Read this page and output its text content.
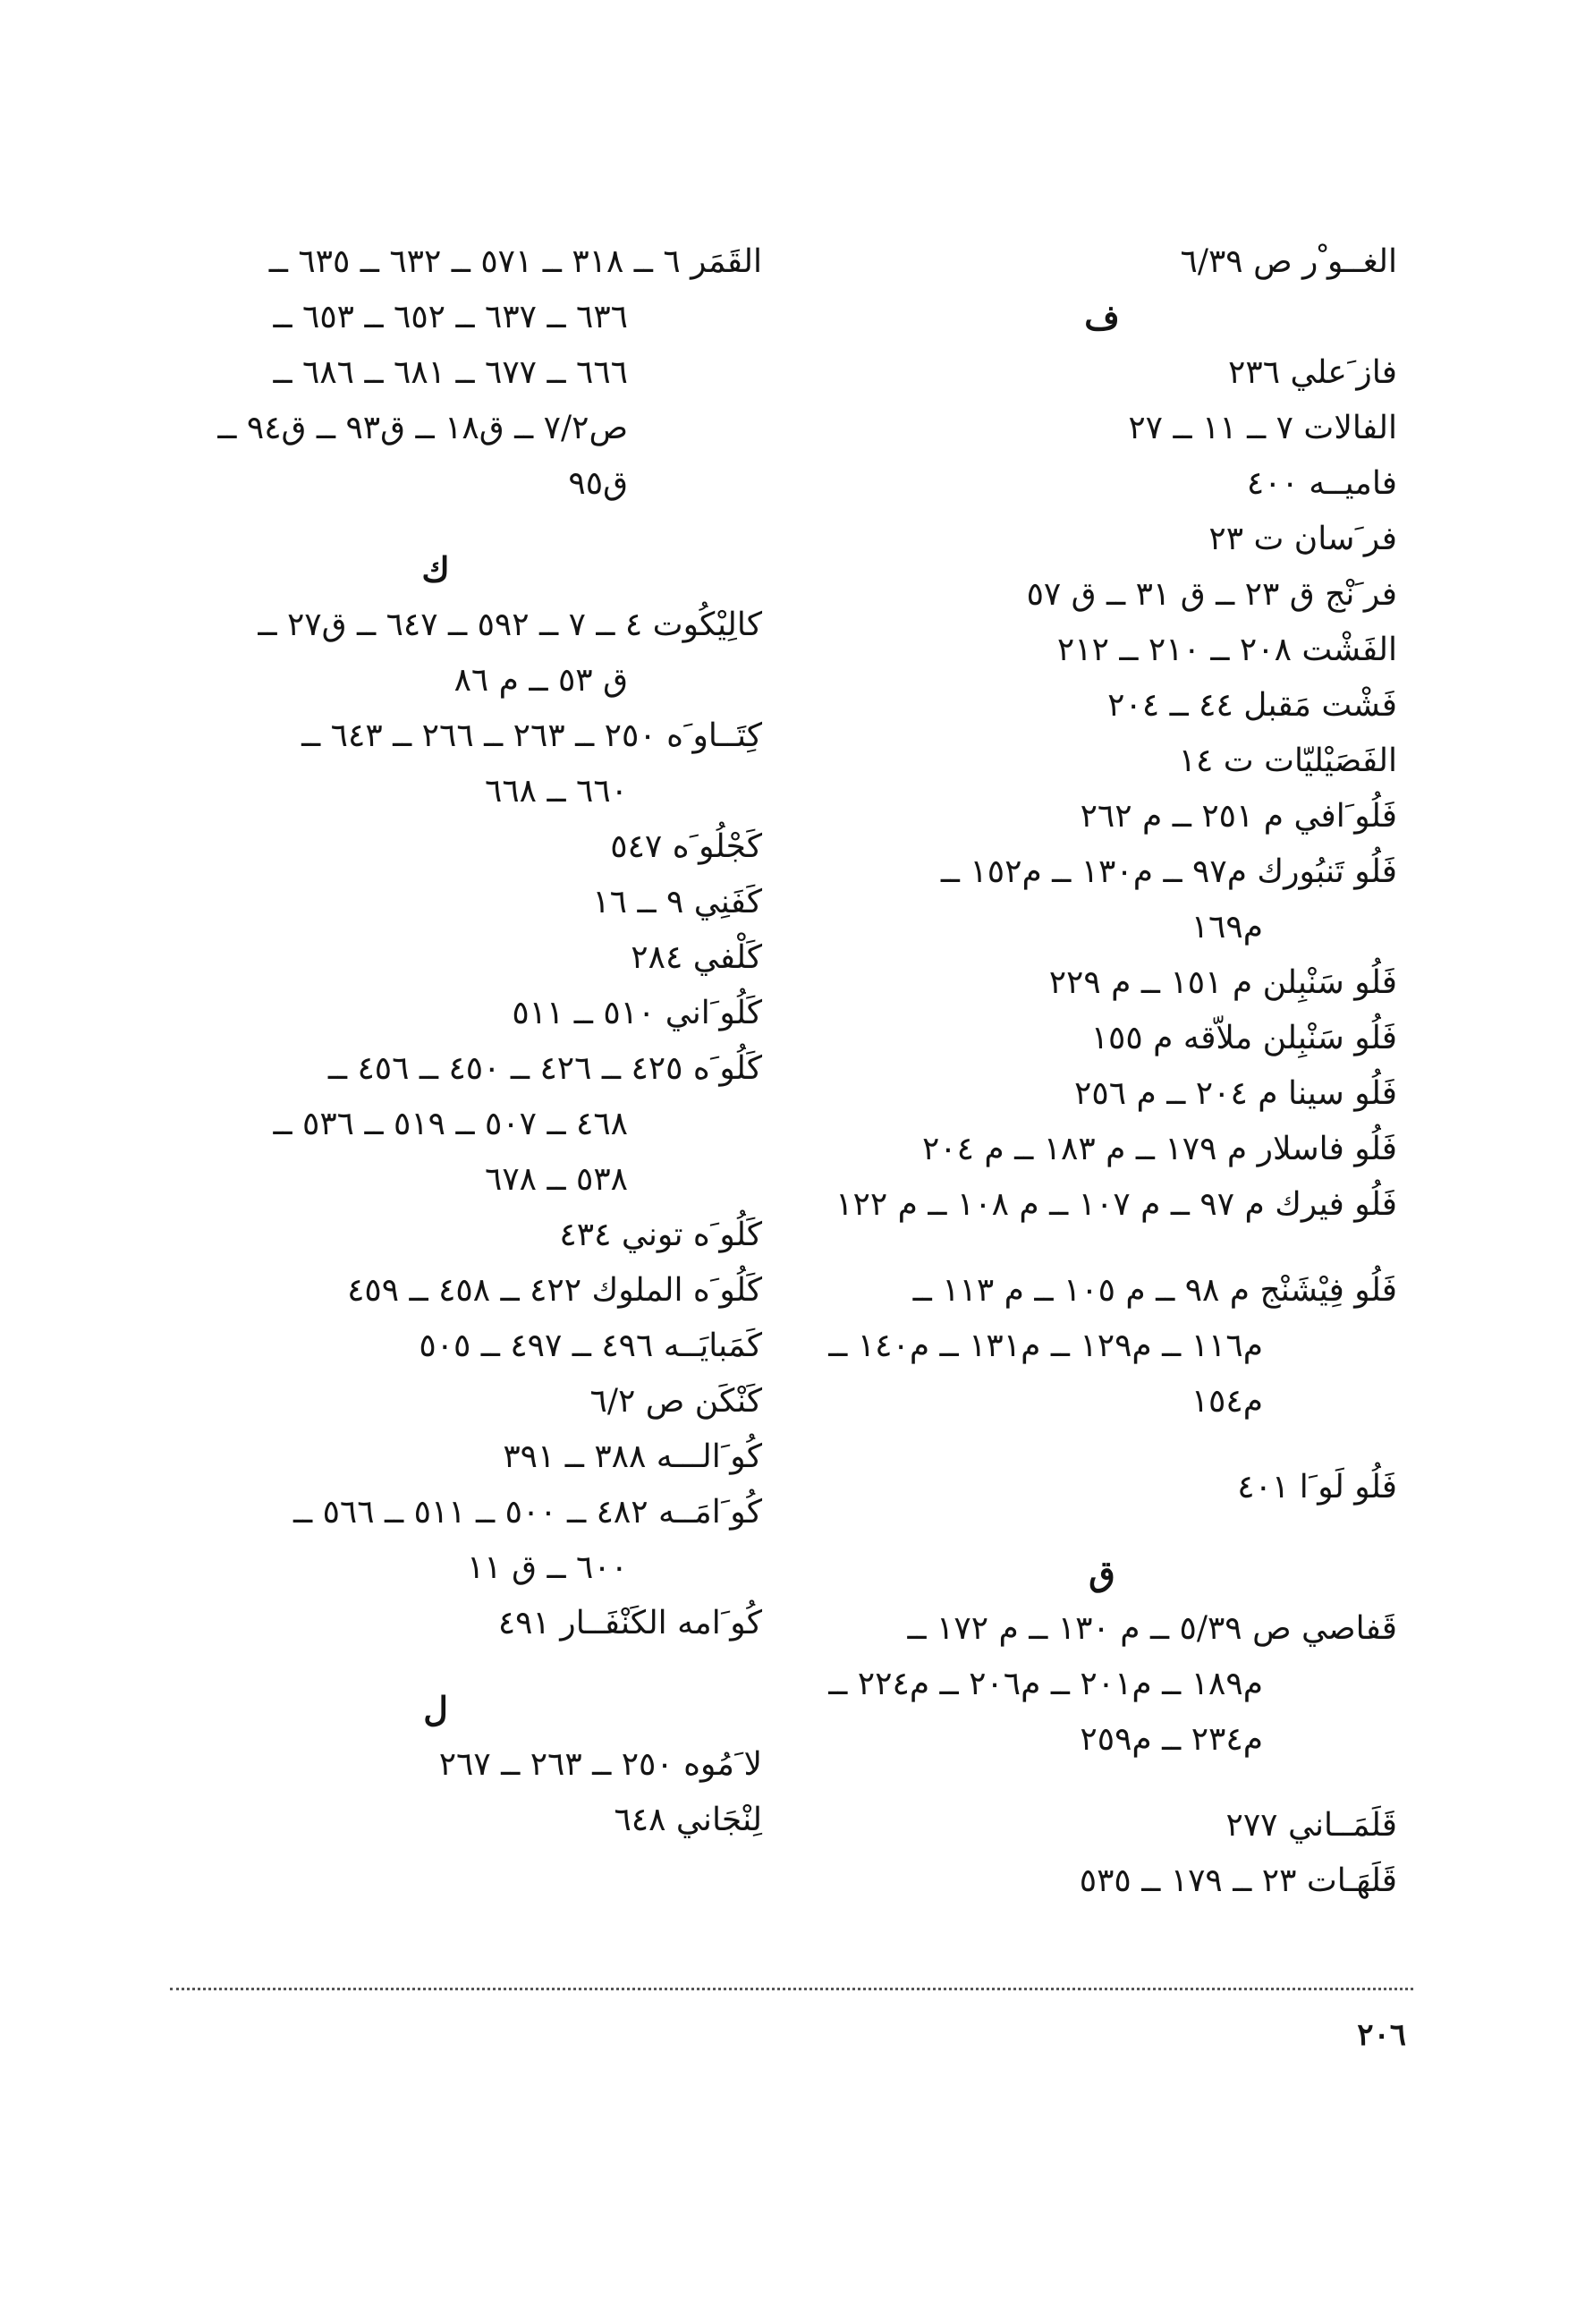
الغــو ْر ص ٦/٣٩
ف
فاز َعلي ٢٣٦
الفالات ٧ ــ ١١ ــ ٢٧
فاميــه ٤٠٠
فر َسان ت ٢٣
فر َنْج ق ٢٣ ــ ق ٣١ ــ ق ٥٧
الفَشْت ٢٠٨ ــ ٢١٠ ــ ٢١٢
فَشْت مَقبل ٤٤ ــ ٢٠٤
الفَصَيْليّات ت ١٤
فَلُو َافي م ٢٥١ ــ م ٢٦٢
فَلُو تَنبُورك م٩٧ ــ م١٣٠ ــ م١٥٢ ــ
م١٦٩
فَلُو سَنْبِلن م ١٥١ ــ م ٢٢٩
فَلُو سَنْبِلن ملاّقه م ١٥٥
فَلُو سينا م ٢٠٤ ــ م ٢٥٦
فَلُو فاسلار م ١٧٩ ــ م ١٨٣ ــ م ٢٠٤
فَلُو فيرك م ٩٧ ــ م ١٠٧ ــ م ١٠٨ ــ م ١٢٢
فَلُو فِيْشَنْج م ٩٨ ــ م ١٠٥ ــ م ١١٣ ــ
م١١٦ ــ م١٢٩ ــ م١٣١ ــ م١٤٠ ــ
م١٥٤
فَلُو لَو َا ٤٠١
ق
قَفاصي ص ٥/٣٩ ــ م ١٣٠ ــ م ١٧٢ ــ
م١٨٩ ــ م٢٠١ ــ م٢٠٦ ــ م٢٢٤ ــ
م٢٣٤ ــ م٢٥٩
قَلَمَــاني ٢٧٧
قَلَهَـات ٢٣ ــ ١٧٩ ــ ٥٣٥
القَمَر ٦ ــ ٣١٨ ــ ٥٧١ ــ ٦٣٢ ــ ٦٣٥ ــ
٦٣٦ ــ ٦٣٧ ــ ٦٥٢ ــ ٦٥٣ ــ
٦٦٦ ــ ٦٧٧ ــ ٦٨١ ــ ٦٨٦ ــ
ص٧/٢ ــ ق١٨ ــ ق٩٣ ــ ق٩٤ ــ
ق٩٥
ك
كالِيْكُوت ٤ ــ ٧ ــ ٥٩٢ ــ ٦٤٧ ــ ق٢٧ ــ
ق ٥٣ ــ م ٨٦
كِتَــاو َه ٢٥٠ ــ ٢٦٣ ــ ٢٦٦ ــ ٦٤٣ ــ
٦٦٠ ــ ٦٦٨
كَجْلُو َه ٥٤٧
كَفَنِي ٩ ــ ١٦
كَلْفي ٢٨٤
كَلُو َاني ٥١٠ ــ ٥١١
كَلُو َه ٤٢٥ ــ ٤٢٦ ــ ٤٥٠ ــ ٤٥٦ ــ
٤٦٨ ــ ٥٠٧ ــ ٥١٩ ــ ٥٣٦ ــ
٥٣٨ ــ ٦٧٨
كَلُو َه توني ٤٣٤
كَلُو َه الملوك ٤٢٢ ــ ٤٥٨ ــ ٤٥٩
كَمَبايَــه ٤٩٦ ــ ٤٩٧ ــ ٥٠٥
كَنْكَن ص ٦/٢
كُو َالـــه ٣٨٨ ــ ٣٩١
كُو َامَــه ٤٨٢ ــ ٥٠٠ ــ ٥١١ ــ ٥٦٦ ــ
٦٠٠ ــ ق ١١
كُو َامه الكَنْفَــار ٤٩١
ل
لا َمُوه ٢٥٠ ــ ٢٦٣ ــ ٢٦٧
لِنْجَاني ٦٤٨
٢٠٦
